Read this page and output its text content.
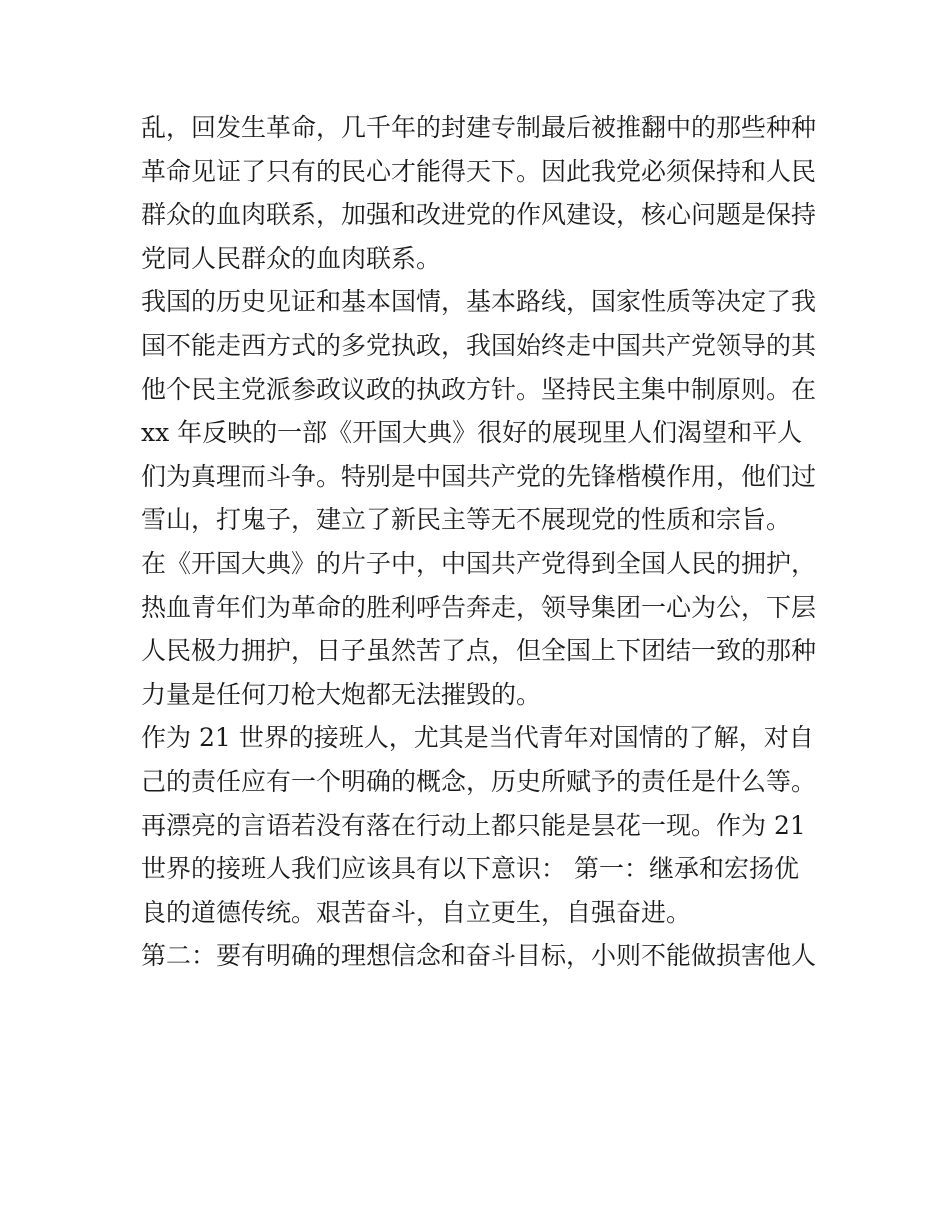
乱，回发生革命，几千年的封建专制最后被推翻中的那些种种
革命见证了只有的民心才能得天下。因此我党必须保持和人民
群众的血肉联系，加强和改进党的作风建设，核心问题是保持
党同人民群众的血肉联系。
我国的历史见证和基本国情，基本路线，国家性质等决定了我
国不能走西方式的多党执政，我国始终走中国共产党领导的其
他个民主党派参政议政的执政方针。坚持民主集中制原则。在
xx 年反映的一部《开国大典》很好的展现里人们渴望和平人
们为真理而斗争。特别是中国共产党的先锋楷模作用，他们过
雪山，打鬼子，建立了新民主等无不展现党的性质和宗旨。
在《开国大典》的片子中，中国共产党得到全国人民的拥护，
热血青年们为革命的胜利呼告奔走，领导集团一心为公，下层
人民极力拥护，日子虽然苦了点，但全国上下团结一致的那种
力量是任何刀枪大炮都无法摧毁的。
作为 21 世界的接班人，尤其是当代青年对国情的了解，对自
己的责任应有一个明确的概念，历史所赋予的责任是什么等。
再漂亮的言语若没有落在行动上都只能是昙花一现。作为 21
世界的接班人我们应该具有以下意识： 第一：继承和宏扬优
良的道德传统。艰苦奋斗，自立更生，自强奋进。
第二：要有明确的理想信念和奋斗目标，小则不能做损害他人
